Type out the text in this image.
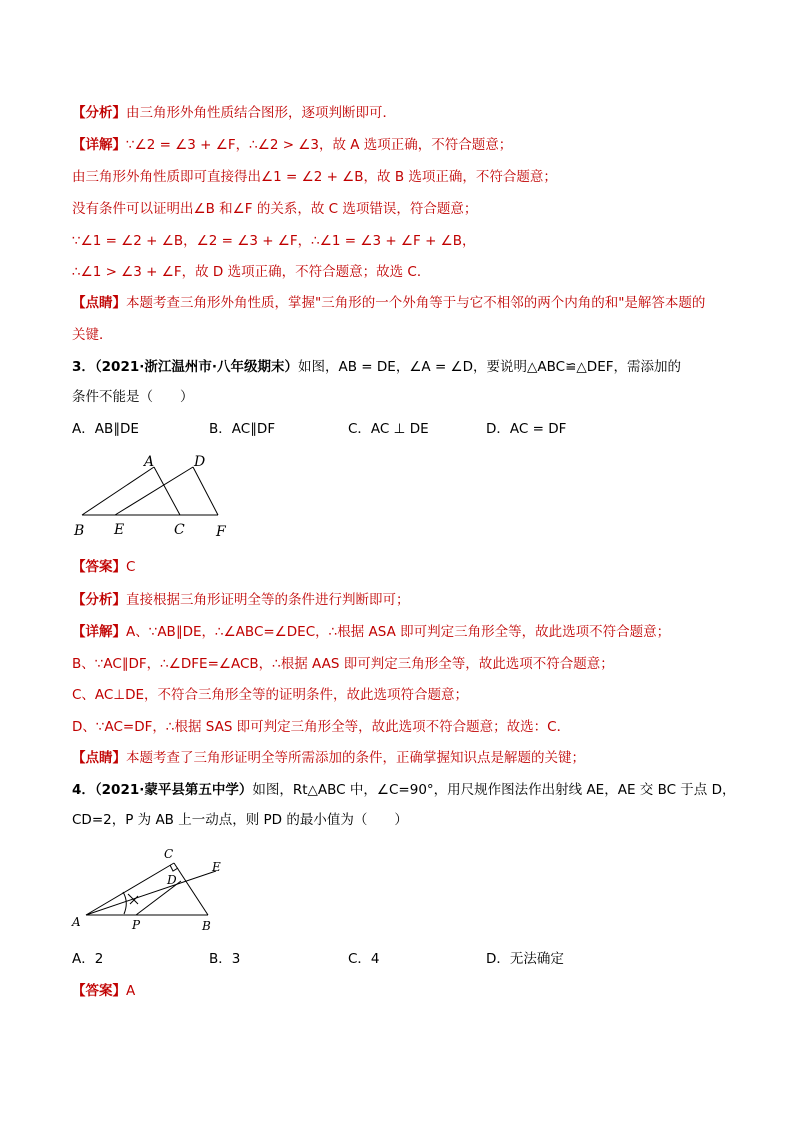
【分析】由三角形外角性质结合图形，逐项判断即可．
【详解】∵∠2 = ∠3 + ∠F，∴∠2 > ∠3，故 A 选项正确，不符合题意；
由三角形外角性质即可直接得出∠1 = ∠2 + ∠B，故 B 选项正确，不符合题意；
没有条件可以证明出∠B 和∠F 的关系，故 C 选项错误，符合题意；
∵∠1 = ∠2 + ∠B，∠2 = ∠3 + ∠F，∴∠1 = ∠3 + ∠F + ∠B，
∴∠1 > ∠3 + ∠F，故 D 选项正确，不符合题意；故选 C．
【点睛】本题考查三角形外角性质，掌握"三角形的一个外角等于与它不相邻的两个内角的和"是解答本题的
关键．
3．（2021·浙江温州市·八年级期末）如图，AB = DE，∠A = ∠D，要说明△ABC≌△DEF，需添加的
条件不能是（　　）
A．AB∥DE	B．AC∥DF	C．AC ⊥ DE	D．AC = DF
A	D
B E	C F
【答案】C
【分析】直接根据三角形证明全等的条件进行判断即可；
【详解】A、∵AB∥DE，∴∠ABC=∠DEC，∴根据 ASA 即可判定三角形全等，故此选项不符合题意；
B、∵AC∥DF，∴∠DFE=∠ACB，∴根据 AAS 即可判定三角形全等，故此选项不符合题意；
C、AC⊥DE，不符合三角形全等的证明条件，故此选项符合题意；
D、∵AC=DF，∴根据 SAS 即可判定三角形全等，故此选项不符合题意；故选：C．
【点睛】本题考查了三角形证明全等所需添加的条件，正确掌握知识点是解题的关键；
4．（2021·蒙平县第五中学）如图，Rt△ABC 中，∠C=90°，用尺规作图法作出射线 AE，AE 交 BC 于点 D，
CD=2，P 为 AB 上一动点，则 PD 的最小值为（　　）
C
D
E
A	P	B
A．2	B．3	C．4	D．无法确定
【答案】A
